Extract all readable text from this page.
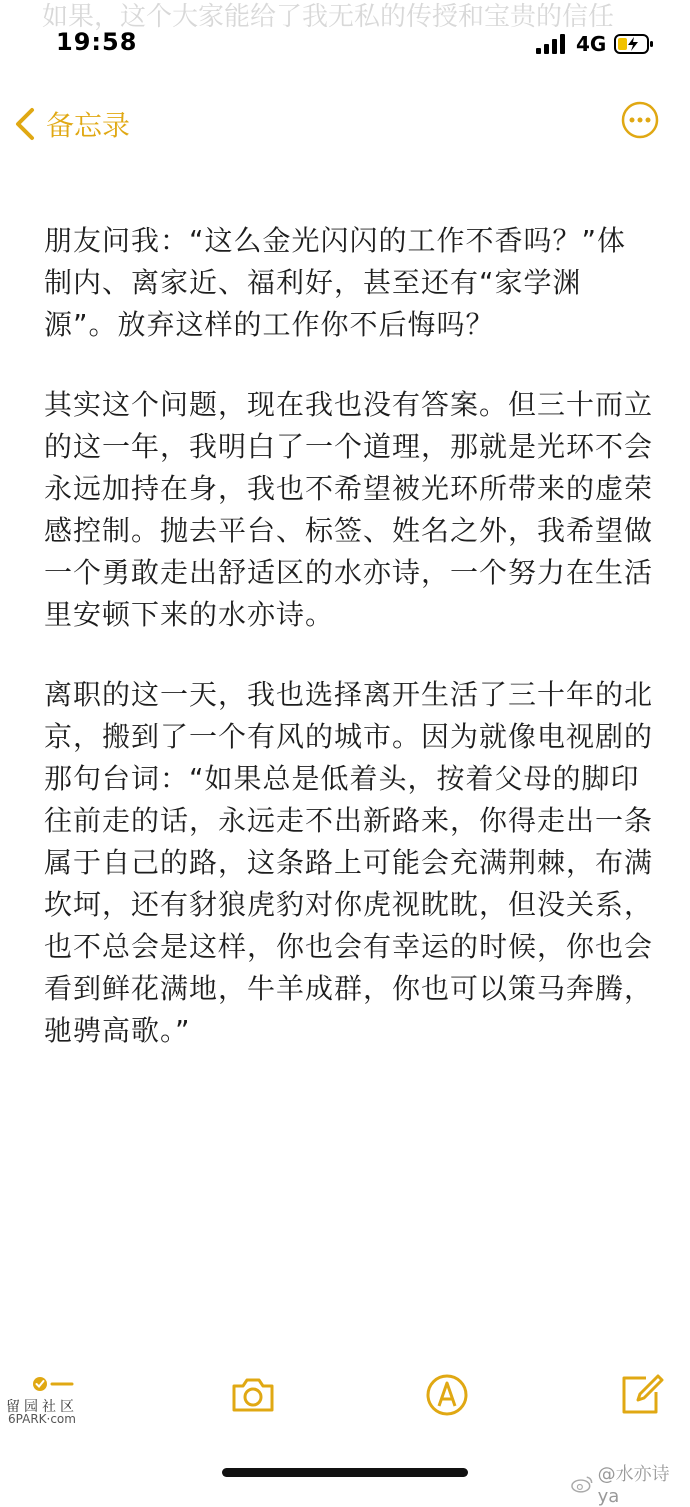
如果，这个大家能给了我无私的传授和宝贵的信任
19:58	4G
备忘录

朋友问我：“这么金光闪闪的工作不香吗？”体制内、离家近、福利好，甚至还有“家学渊源”。放弃这样的工作你不后悔吗？

其实这个问题，现在我也没有答案。但三十而立的这一年，我明白了一个道理，那就是光环不会永远加持在身，我也不希望被光环所带来的虚荣感控制。抛去平台、标签、姓名之外，我希望做一个勇敢走出舒适区的水亦诗，一个努力在生活里安顿下来的水亦诗。

离职的这一天，我也选择离开生活了三十年的北京，搬到了一个有风的城市。因为就像电视剧的那句台词：“如果总是低着头，按着父母的脚印往前走的话，永远走不出新路来，你得走出一条属于自己的路，这条路上可能会充满荆棘，布满坎坷，还有豺狼虎豹对你虎视眈眈，但没关系，也不总会是这样，你也会有幸运的时候，你也会看到鲜花满地，牛羊成群，你也可以策马奔腾，驰骋高歌。”

留园社区
6PARK·com
@水亦诗ya
